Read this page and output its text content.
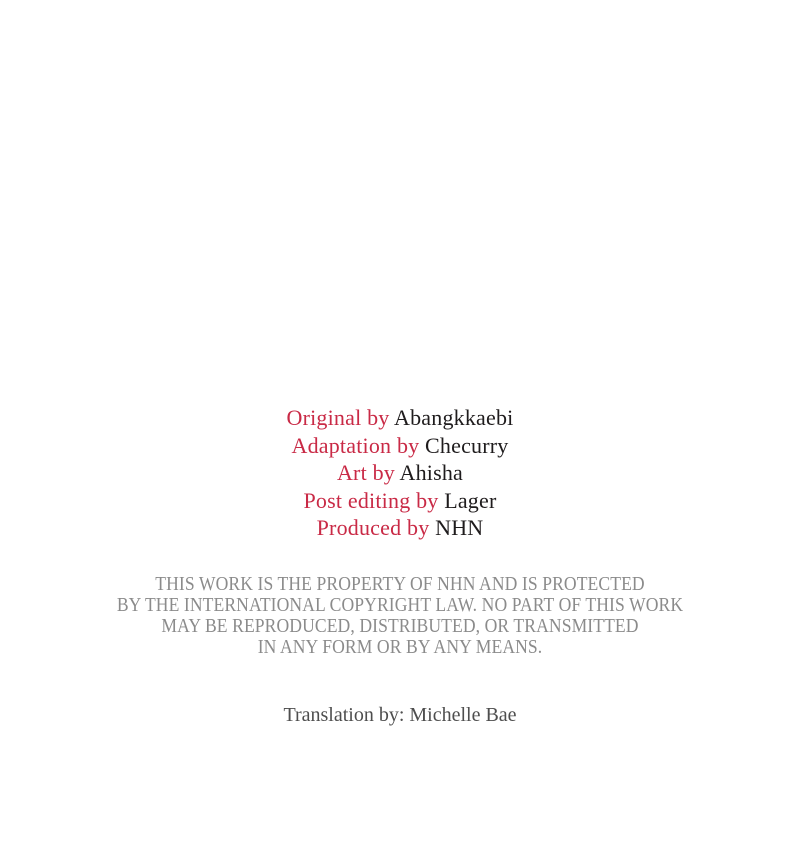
Original by Abangkkaebi
Adaptation by Checurry
Art by Ahisha
Post editing by Lager
Produced by NHN
THIS WORK IS THE PROPERTY OF NHN AND IS PROTECTED
BY THE INTERNATIONAL COPYRIGHT LAW. NO PART OF THIS WORK
MAY BE REPRODUCED, DISTRIBUTED, OR TRANSMITTED
IN ANY FORM OR BY ANY MEANS.
Translation by: Michelle Bae
